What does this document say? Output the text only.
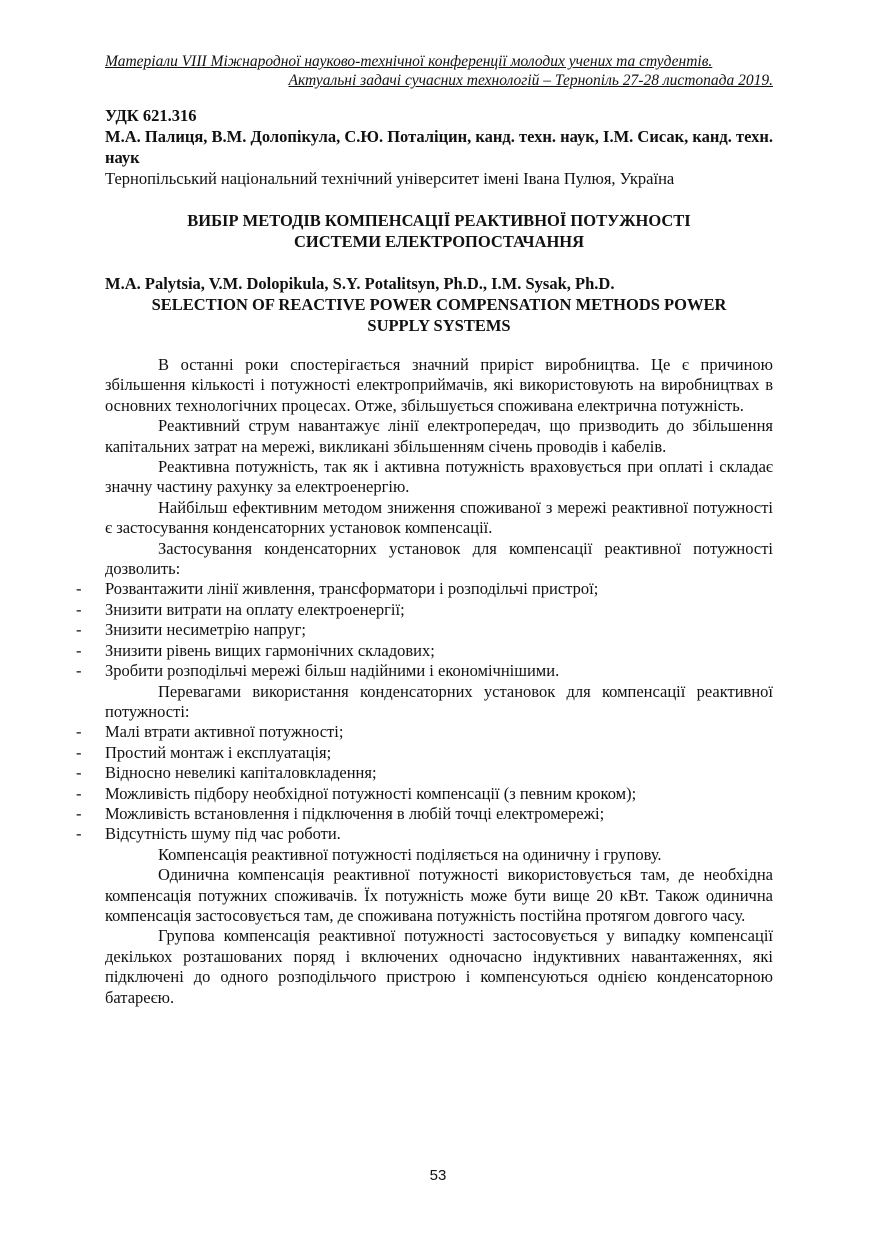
Матеріали VIII Міжнародної науково-технічної конференції молодих учених та студентів.
Актуальні задачі сучасних технологій – Тернопіль 27-28 листопада 2019.
УДК 621.316
М.А. Палиця, В.М. Долопікула, С.Ю. Поталіцин, канд. техн. наук, І.М. Сисак, канд. техн. наук
Тернопільський національний технічний університет імені Івана Пулюя, Україна
ВИБІР МЕТОДІВ КОМПЕНСАЦІЇ РЕАКТИВНОЇ ПОТУЖНОСТІ
СИСТЕМИ ЕЛЕКТРОПОСТАЧАННЯ
M.A. Palytsia, V.M. Dolopikula, S.Y. Potalitsyn, Ph.D., I.M. Sysak, Ph.D.
SELECTION OF REACTIVE POWER COMPENSATION METHODS POWER
SUPPLY SYSTEMS

В останні роки спостерігається значний приріст виробництва. Це є причиною збільшення кількості і потужності електроприймачів, які використовують на виробництвах в основних технологічних процесах. Отже, збільшується споживана електрична потужність.

Реактивний струм навантажує лінії електропередач, що призводить до збільшення капітальних затрат на мережі, викликані збільшенням січень проводів і кабелів.

Реактивна потужність, так як і активна потужність враховується при оплаті і складає значну частину рахунку за електроенергію.

Найбільш ефективним методом зниження споживаної з мережі реактивної потужності є застосування конденсаторних установок компенсації.

Застосування конденсаторних установок для компенсації реактивної потужності дозволить:

- Розвантажити лінії живлення, трансформатори і розподільчі пристрої;
- Знизити витрати на оплату електроенергії;
- Знизити несиметрію напруг;
- Знизити рівень вищих гармонічних складових;
- Зробити розподільчі мережі більш надійними і економічнішими.

Перевагами використання конденсаторних установок для компенсації реактивної потужності:

- Малі втрати активної потужності;
- Простий монтаж і експлуатація;
- Відносно невеликі капіталовкладення;
- Можливість підбору необхідної потужності компенсації (з певним кроком);
- Можливість встановлення і підключення в любій точці електромережі;
- Відсутність шуму під час роботи.

Компенсація реактивної потужності поділяється на одиничну і групову.

Одинична компенсація реактивної потужності використовується там, де необхідна компенсація потужних споживачів. Їх потужність може бути вище 20 кВт. Також одинична компенсація застосовується там, де споживана потужність постійна протягом довгого часу.

Групова компенсація реактивної потужності застосовується у випадку компенсації декількох розташованих поряд і включених одночасно індуктивних навантаженнях, які підключені до одного розподільчого пристрою і компенсуються однією конденсаторною батареєю.

53
